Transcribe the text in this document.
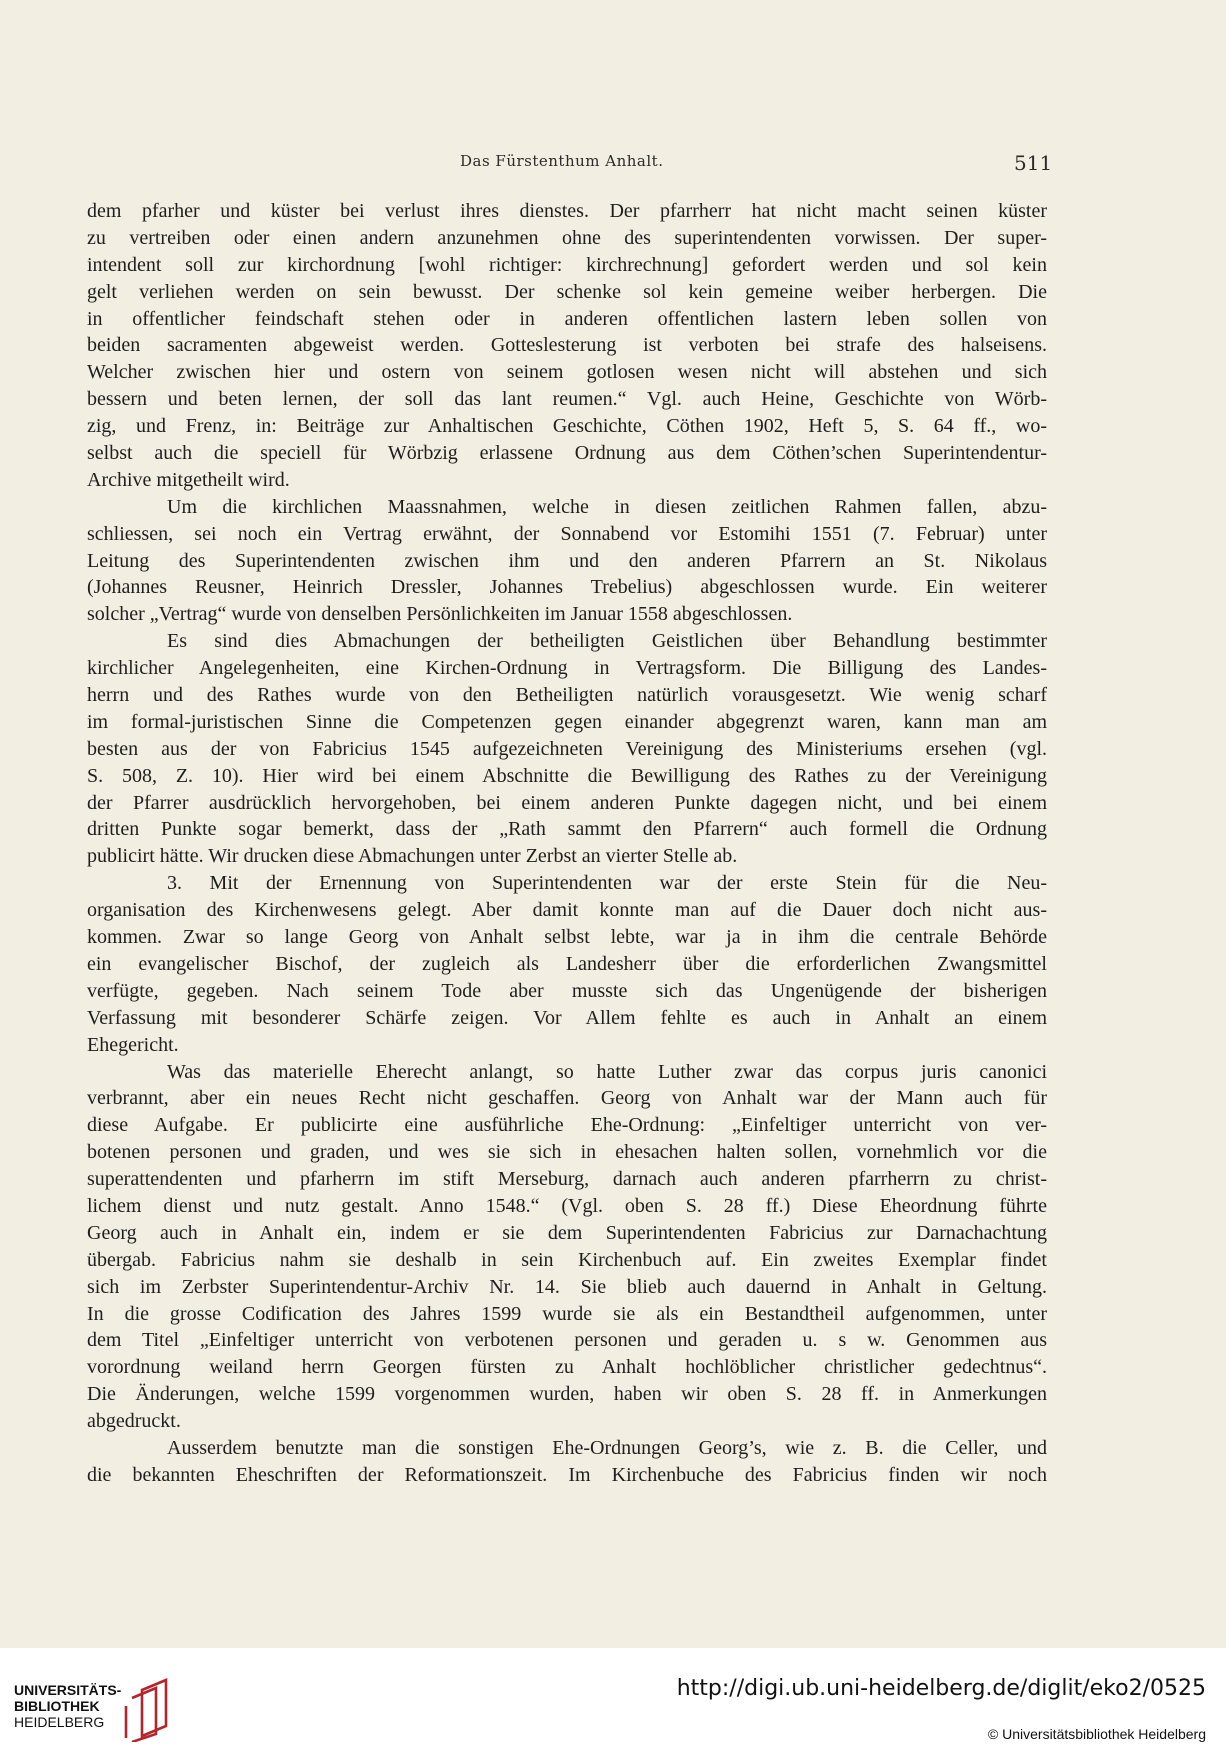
Das Fürstenthum Anhalt.	511
dem pfarher und küster bei verlust ihres dienstes. Der pfarrherr hat nicht macht seinen küster
zu vertreiben oder einen andern anzunehmen ohne des superintendenten vorwissen. Der super-
intendent soll zur kirchordnung [wohl richtiger: kirchrechnung] gefordert werden und sol kein
gelt verliehen werden on sein bewusst. Der schenke sol kein gemeine weiber herbergen. Die
in offentlicher feindschaft stehen oder in anderen offentlichen lastern leben sollen von
beiden sacramenten abgeweist werden. Gotteslesterung ist verboten bei strafe des halseisens.
Welcher zwischen hier und ostern von seinem gotlosen wesen nicht will abstehen und sich
bessern und beten lernen, der soll das lant reumen.“ Vgl. auch Heine, Geschichte von Wörb-
zig, und Frenz, in: Beiträge zur Anhaltischen Geschichte, Cöthen 1902, Heft 5, S. 64 ff., wo-
selbst auch die speciell für Wörbzig erlassene Ordnung aus dem Cöthen’schen Superintendentur-
Archive mitgetheilt wird.
Um die kirchlichen Maassnahmen, welche in diesen zeitlichen Rahmen fallen, abzu-
schliessen, sei noch ein Vertrag erwähnt, der Sonnabend vor Estomihi 1551 (7. Februar) unter
Leitung des Superintendenten zwischen ihm und den anderen Pfarrern an St. Nikolaus
(Johannes Reusner, Heinrich Dressler, Johannes Trebelius) abgeschlossen wurde. Ein weiterer
solcher „Vertrag“ wurde von denselben Persönlichkeiten im Januar 1558 abgeschlossen.
Es sind dies Abmachungen der betheiligten Geistlichen über Behandlung bestimmter
kirchlicher Angelegenheiten, eine Kirchen-Ordnung in Vertragsform. Die Billigung des Landes-
herrn und des Rathes wurde von den Betheiligten natürlich vorausgesetzt. Wie wenig scharf
im formal-juristischen Sinne die Competenzen gegen einander abgegrenzt waren, kann man am
besten aus der von Fabricius 1545 aufgezeichneten Vereinigung des Ministeriums ersehen (vgl.
S. 508, Z. 10). Hier wird bei einem Abschnitte die Bewilligung des Rathes zu der Vereinigung
der Pfarrer ausdrücklich hervorgehoben, bei einem anderen Punkte dagegen nicht, und bei einem
dritten Punkte sogar bemerkt, dass der „Rath sammt den Pfarrern“ auch formell die Ordnung
publicirt hätte. Wir drucken diese Abmachungen unter Zerbst an vierter Stelle ab.
3. Mit der Ernennung von Superintendenten war der erste Stein für die Neu-
organisation des Kirchenwesens gelegt. Aber damit konnte man auf die Dauer doch nicht aus-
kommen. Zwar so lange Georg von Anhalt selbst lebte, war ja in ihm die centrale Behörde
ein evangelischer Bischof, der zugleich als Landesherr über die erforderlichen Zwangsmittel
verfügte, gegeben. Nach seinem Tode aber musste sich das Ungenügende der bisherigen
Verfassung mit besonderer Schärfe zeigen. Vor Allem fehlte es auch in Anhalt an einem
Ehegericht.
Was das materielle Eherecht anlangt, so hatte Luther zwar das corpus juris canonici
verbrannt, aber ein neues Recht nicht geschaffen. Georg von Anhalt war der Mann auch für
diese Aufgabe. Er publicirte eine ausführliche Ehe-Ordnung: „Einfeltiger unterricht von ver-
botenen personen und graden, und wes sie sich in ehesachen halten sollen, vornehmlich vor die
superattendenten und pfarherrn im stift Merseburg, darnach auch anderen pfarrherrn zu christ-
lichem dienst und nutz gestalt. Anno 1548.“ (Vgl. oben S. 28 ff.) Diese Eheordnung führte
Georg auch in Anhalt ein, indem er sie dem Superintendenten Fabricius zur Darnachachtung
übergab. Fabricius nahm sie deshalb in sein Kirchenbuch auf. Ein zweites Exemplar findet
sich im Zerbster Superintendentur-Archiv Nr. 14. Sie blieb auch dauernd in Anhalt in Geltung.
In die grosse Codification des Jahres 1599 wurde sie als ein Bestandtheil aufgenommen, unter
dem Titel „Einfeltiger unterricht von verbotenen personen und geraden u. s w. Genommen aus
vorordnung weiland herrn Georgen fürsten zu Anhalt hochlöblicher christlicher gedechtnus“.
Die Änderungen, welche 1599 vorgenommen wurden, haben wir oben S. 28 ff. in Anmerkungen
abgedruckt.
Ausserdem benutzte man die sonstigen Ehe-Ordnungen Georg’s, wie z. B. die Celler, und
die bekannten Eheschriften der Reformationszeit. Im Kirchenbuche des Fabricius finden wir noch
UNIVERSITÄTS-
BIBLIOTHEK
HEIDELBERG
http://digi.ub.uni-heidelberg.de/diglit/eko2/0525
© Universitätsbibliothek Heidelberg
